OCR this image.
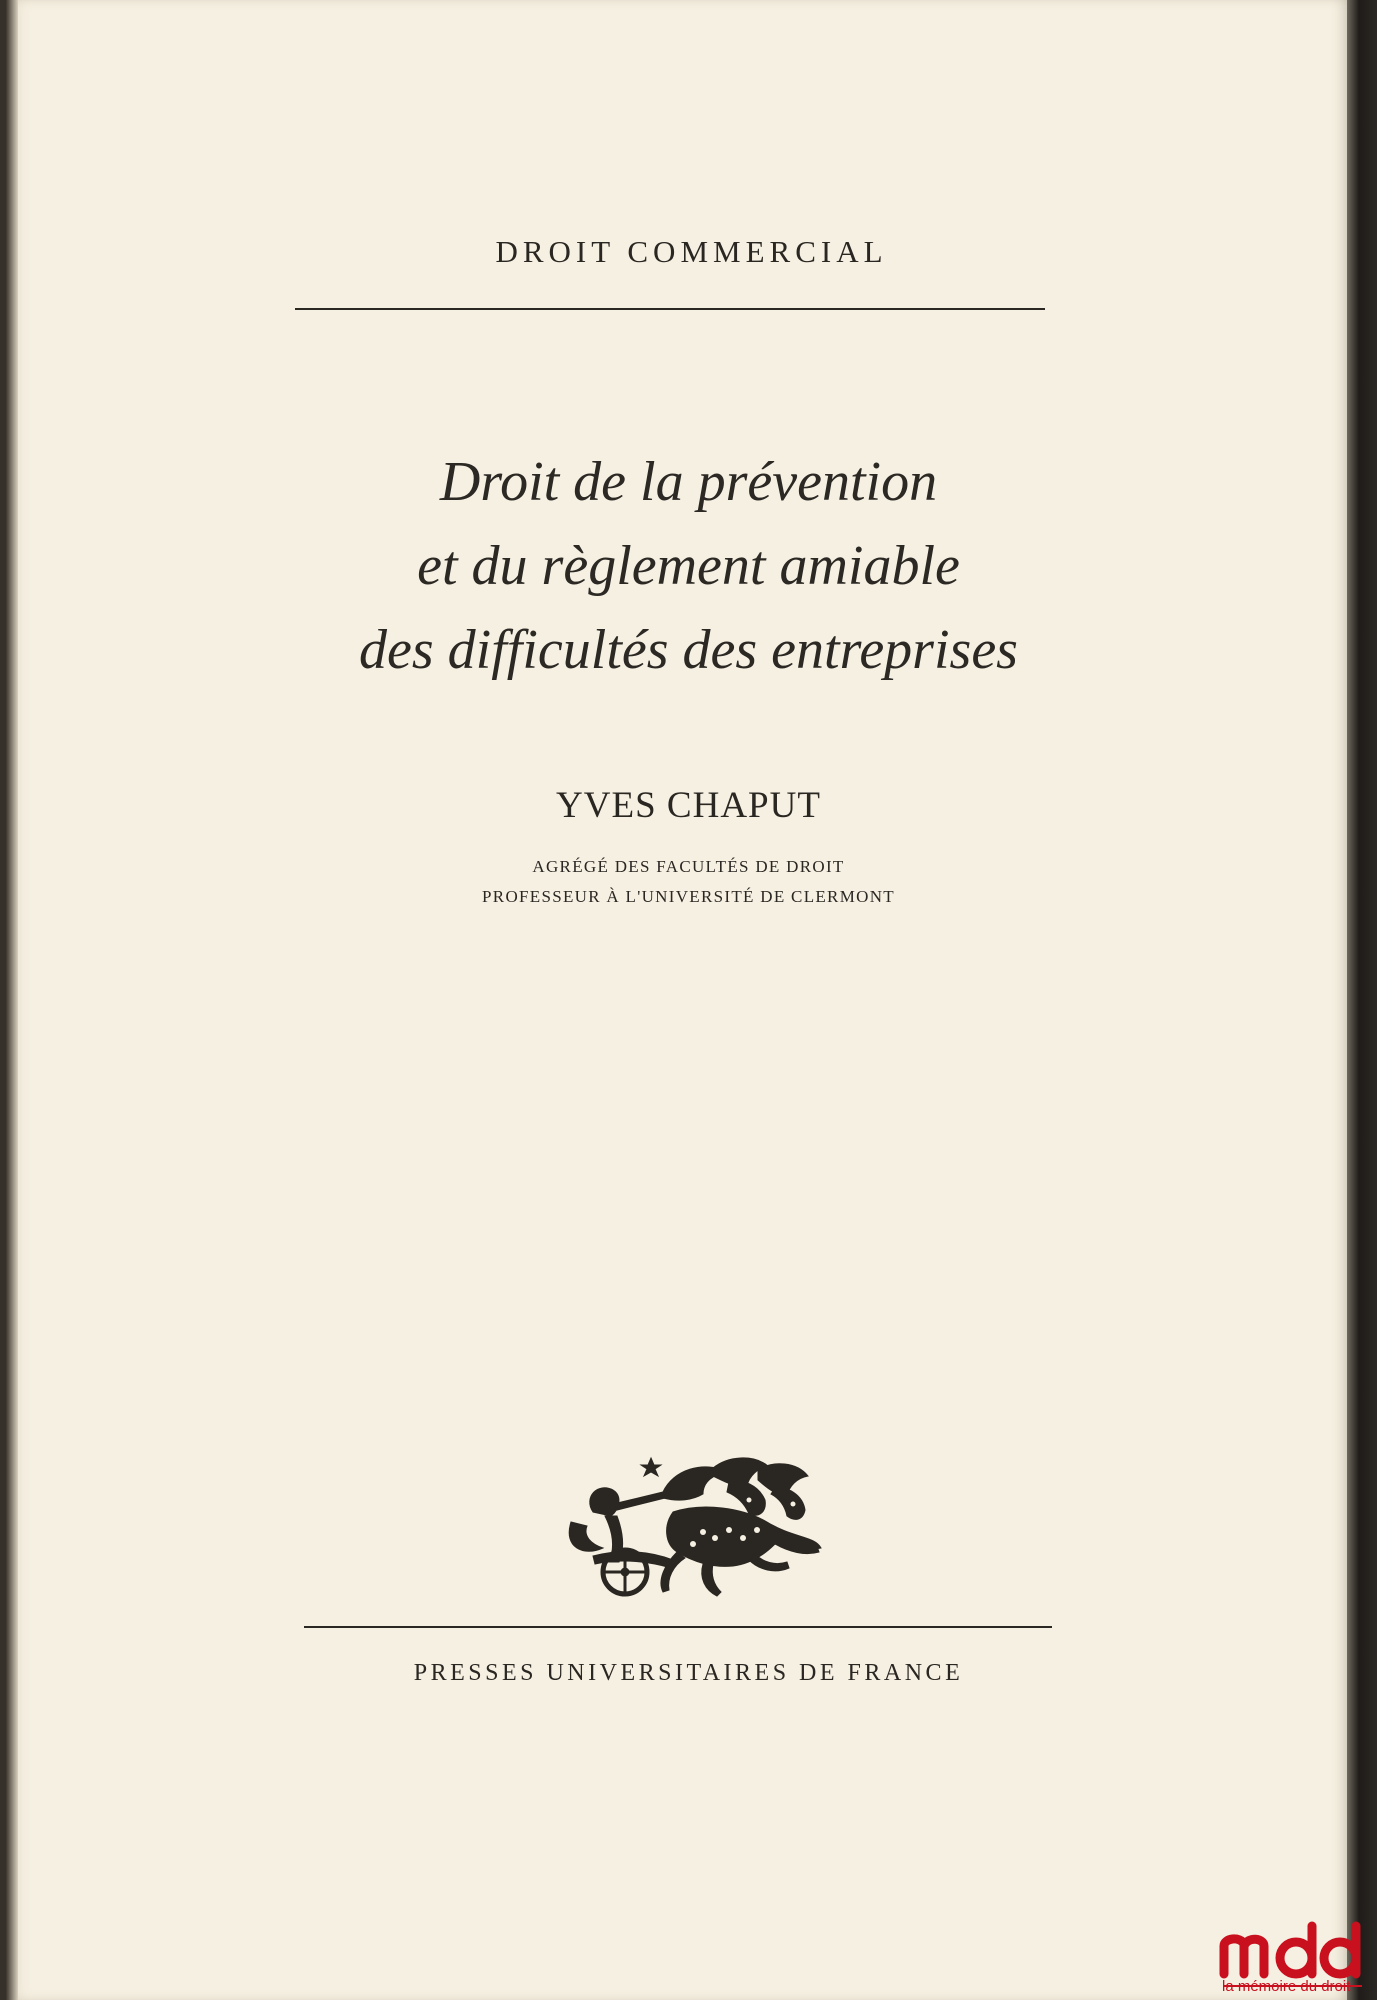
DROIT COMMERCIAL
Droit de la prévention
et du règlement amiable
des difficultés des entreprises
YVES CHAPUT
AGRÉGÉ DES FACULTÉS DE DROIT
PROFESSEUR À L'UNIVERSITÉ DE CLERMONT
PRESSES UNIVERSITAIRES DE FRANCE
la mémoire du droit
